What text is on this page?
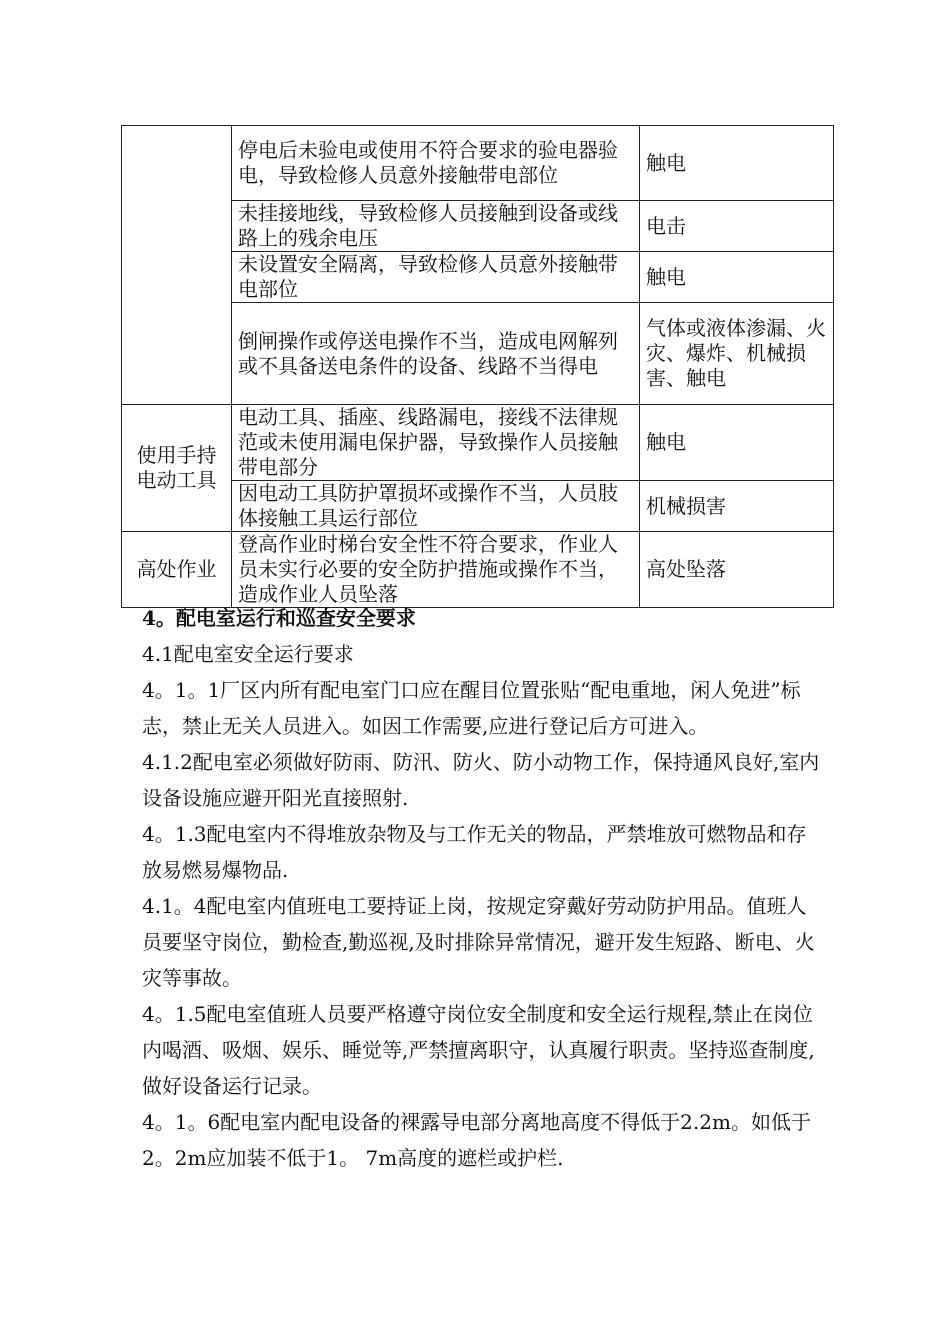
	停电后未验电或使用不符合要求的验电器验电，导致检修人员意外接触带电部位	触电
	未挂接地线，导致检修人员接触到设备或线路上的残余电压	电击
	未设置安全隔离，导致检修人员意外接触带电部位	触电
	倒闸操作或停送电操作不当，造成电网解列或不具备送电条件的设备、线路不当得电	气体或液体渗漏、火灾、爆炸、机械损害、触电
使用手持电动工具	电动工具、插座、线路漏电，接线不法律规范或未使用漏电保护器，导致操作人员接触带电部分	触电
	因电动工具防护罩损坏或操作不当，人员肢体接触工具运行部位	机械损害
高处作业	登高作业时梯台安全性不符合要求，作业人员未实行必要的安全防护措施或操作不当，造成作业人员坠落	高处坠落

4。配电室运行和巡查安全要求

4.1配电室安全运行要求

4。1。1厂区内所有配电室门口应在醒目位置张贴“配电重地，闲人免进”标志，禁止无关人员进入。如因工作需要,应进行登记后方可进入。

4.1.2配电室必须做好防雨、防汛、防火、防小动物工作，保持通风良好,室内设备设施应避开阳光直接照射.

4。1.3配电室内不得堆放杂物及与工作无关的物品，严禁堆放可燃物品和存放易燃易爆物品.

4.1。4配电室内值班电工要持证上岗，按规定穿戴好劳动防护用品。值班人员要坚守岗位，勤检查,勤巡视,及时排除异常情况，避开发生短路、断电、火灾等事故。

4。1.5配电室值班人员要严格遵守岗位安全制度和安全运行规程,禁止在岗位内喝酒、吸烟、娱乐、睡觉等,严禁擅离职守，认真履行职责。坚持巡查制度,做好设备运行记录。

4。1。6配电室内配电设备的裸露导电部分离地高度不得低于2.2m。如低于2。2m应加装不低于1。 7m高度的遮栏或护栏.
